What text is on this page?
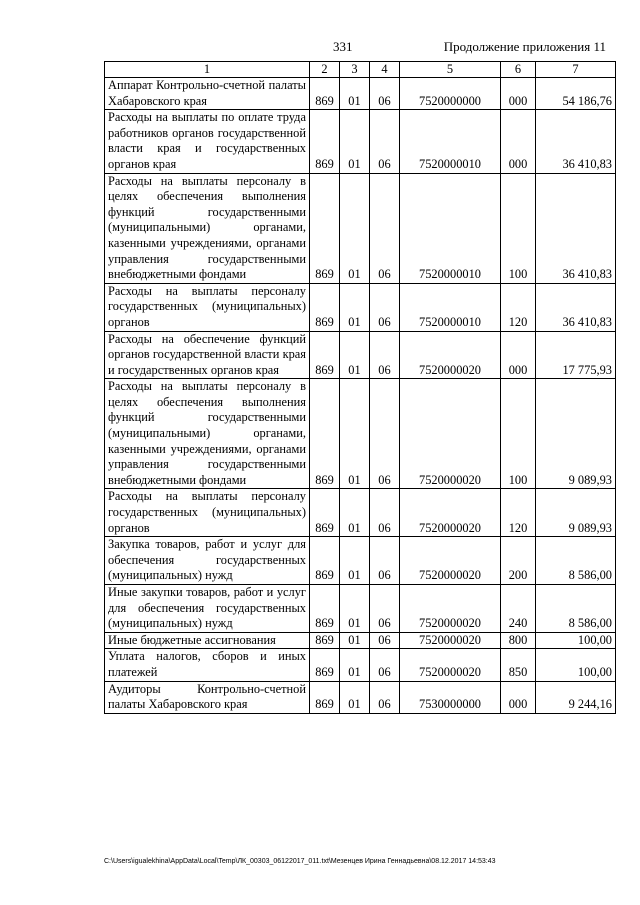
331	Продолжение приложения 11
1	2	3	4	5	6	7
Аппарат Контрольно-счетной палаты Хабаровского края	869	01	06	7520000000	000	54 186,76
Расходы на выплаты по оплате труда работников органов государственной власти края и государственных органов края	869	01	06	7520000010	000	36 410,83
Расходы на выплаты персоналу в целях обеспечения выполнения функций государственными (муниципальными) органами, казенными учреждениями, органами управления государственными внебюджетными фондами	869	01	06	7520000010	100	36 410,83
Расходы на выплаты персоналу государственных (муниципальных) органов	869	01	06	7520000010	120	36 410,83
Расходы на обеспечение функций органов государственной власти края и государственных органов края	869	01	06	7520000020	000	17 775,93
Расходы на выплаты персоналу в целях обеспечения выполнения функций государственными (муниципальными) органами, казенными учреждениями, органами управления государственными внебюджетными фондами	869	01	06	7520000020	100	9 089,93
Расходы на выплаты персоналу государственных (муниципальных) органов	869	01	06	7520000020	120	9 089,93
Закупка товаров, работ и услуг для обеспечения государственных (муниципальных) нужд	869	01	06	7520000020	200	8 586,00
Иные закупки товаров, работ и услуг для обеспечения государственных (муниципальных) нужд	869	01	06	7520000020	240	8 586,00
Иные бюджетные ассигнования	869	01	06	7520000020	800	100,00
Уплата налогов, сборов и иных платежей	869	01	06	7520000020	850	100,00
Аудиторы Контрольно-счетной палаты Хабаровского края	869	01	06	7530000000	000	9 244,16
C:\Users\igualekhina\AppData\Local\Temp\ЛК_00303_06122017_011.txt\Мезенцев Ирина Геннадьевна\08.12.2017 14:53:43
